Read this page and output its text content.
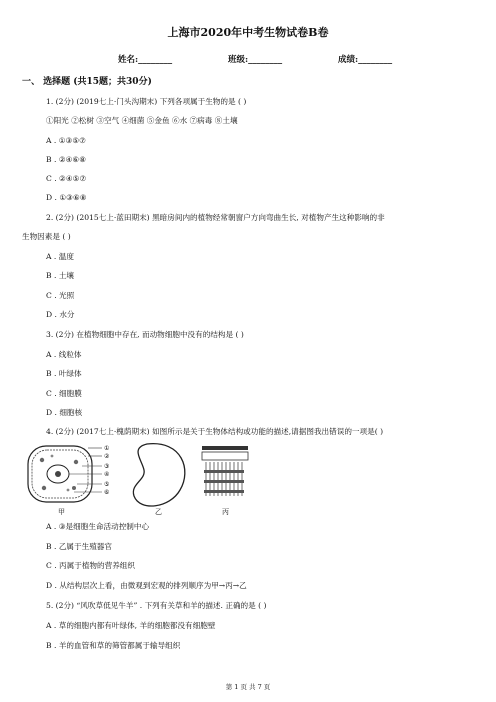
上海市2020年中考生物试卷B卷
姓名:________	班级:________	成绩:________
一、 选择题 (共15题；共30分)
1. (2分) (2019七上·门头沟期末) 下列各项属于生物的是 ( )
①阳光 ②松树 ③空气 ④细菌 ⑤金鱼 ⑥水 ⑦病毒 ⑧土壤
A . ①③⑤⑦
B . ②④⑥⑧
C . ②④⑤⑦
D . ①③⑥⑧
2. (2分) (2015七上·蓝田期末) 黑暗房间内的植物经常朝窗户方向弯曲生长, 对植物产生这种影响的非
生物因素是 ( )
A . 温度
B . 土壤
C . 光照
D . 水分
3. (2分) 在植物细胞中存在, 而动物细胞中没有的结构是 ( )
A . 线粒体
B . 叶绿体
C . 细胞膜
D . 细胞核
4. (2分) (2017七上·槐荫期末) 如图所示是关于生物体结构或功能的描述,请据图我出错误的一项是( )
①
②
③
④
⑤
⑥
甲	乙	丙
A . ③是细胞生命活动控制中心
B . 乙属于生殖器官
C . 丙属于植物的营养组织
D . 从结构层次上看，由微观到宏观的排列顺序为甲→丙→乙
5. (2分) “风吹草低见牛羊” . 下列有关草和羊的描述. 正确的是 ( )
A . 草的细胞内都有叶绿体, 羊的细胞都没有细胞壁
B . 羊的血管和草的筛管都属于输导组织
第 1 页 共 7 页
